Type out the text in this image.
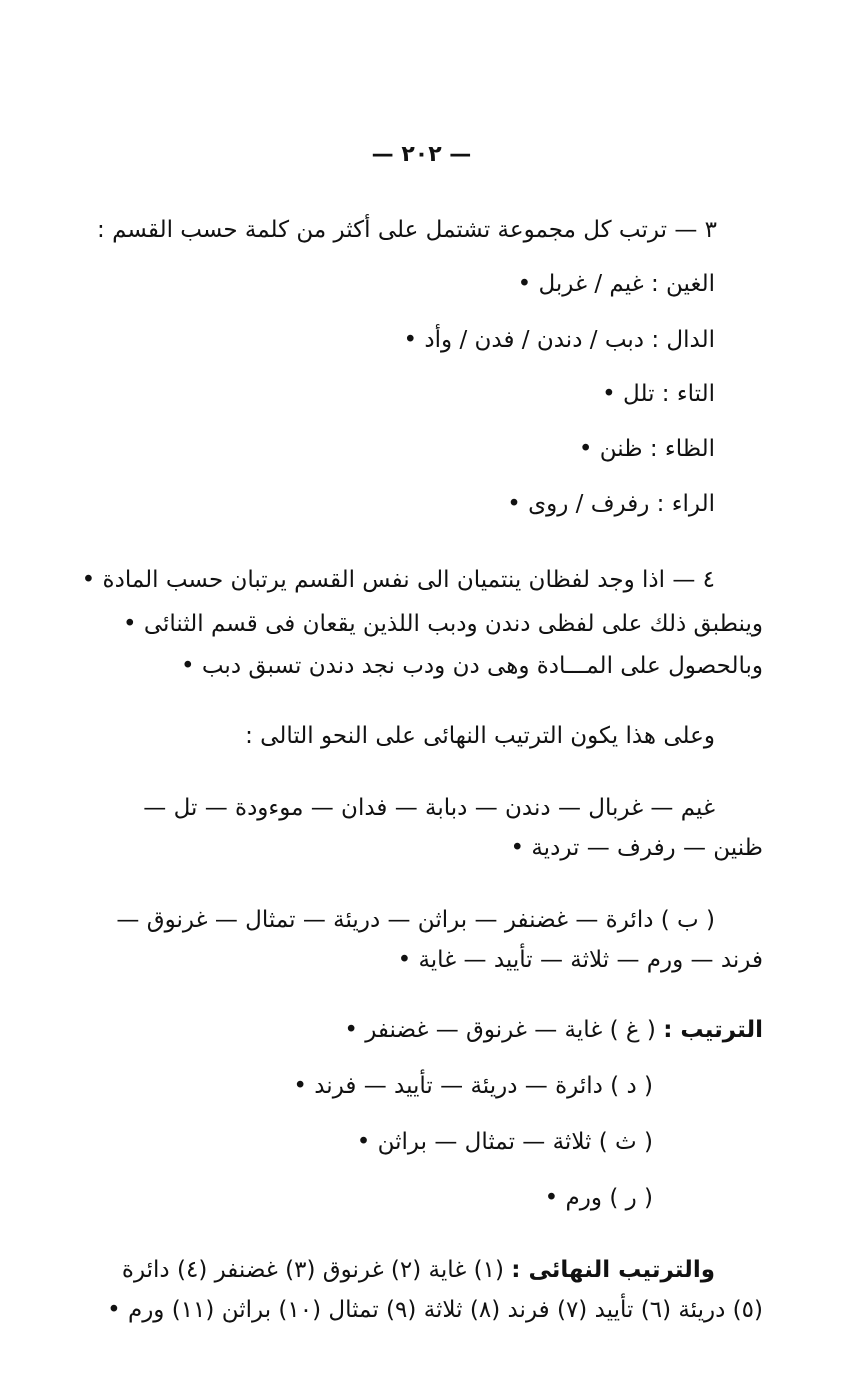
— ٢٠٢ —
٣ — ترتب كل مجموعة تشتمل على أكثر من كلمة حسب القسم :
الغين : غيم / غربل •
الدال : دبب / دندن / فدن / وأد •
التاء : تلل •
الظاء : ظنن •
الراء : رفرف / روى •
٤ — اذا وجد لفظان ينتميان الى نفس القسم يرتبان حسب المادة •
وينطبق ذلك على لفظى دندن ودبب اللذين يقعان فى قسم الثنائى •
وبالحصول على المـــادة وهى دن ودب نجد دندن تسبق دبب •
وعلى هذا يكون الترتيب النهائى على النحو التالى :
غيم — غربال — دندن — دبابة — فدان — موءودة — تل —
ظنين — رفرف — تردية •
( ب ) دائرة — غضنفر — براثن — دريئة — تمثال — غرنوق —
فرند — ورم — ثلاثة — تأييد — غاية •
الترتيب : ( غ ) غاية — غرنوق — غضنفر •
( د ) دائرة — دريئة — تأييد — فرند •
( ث ) ثلاثة — تمثال — براثن •
( ر ) ورم •
والترتيب النهائى : (١) غاية (٢) غرنوق (٣) غضنفر (٤) دائرة
(٥) دريئة (٦) تأييد (٧) فرند (٨) ثلاثة (٩) تمثال (١٠) براثن (١١) ورم •
